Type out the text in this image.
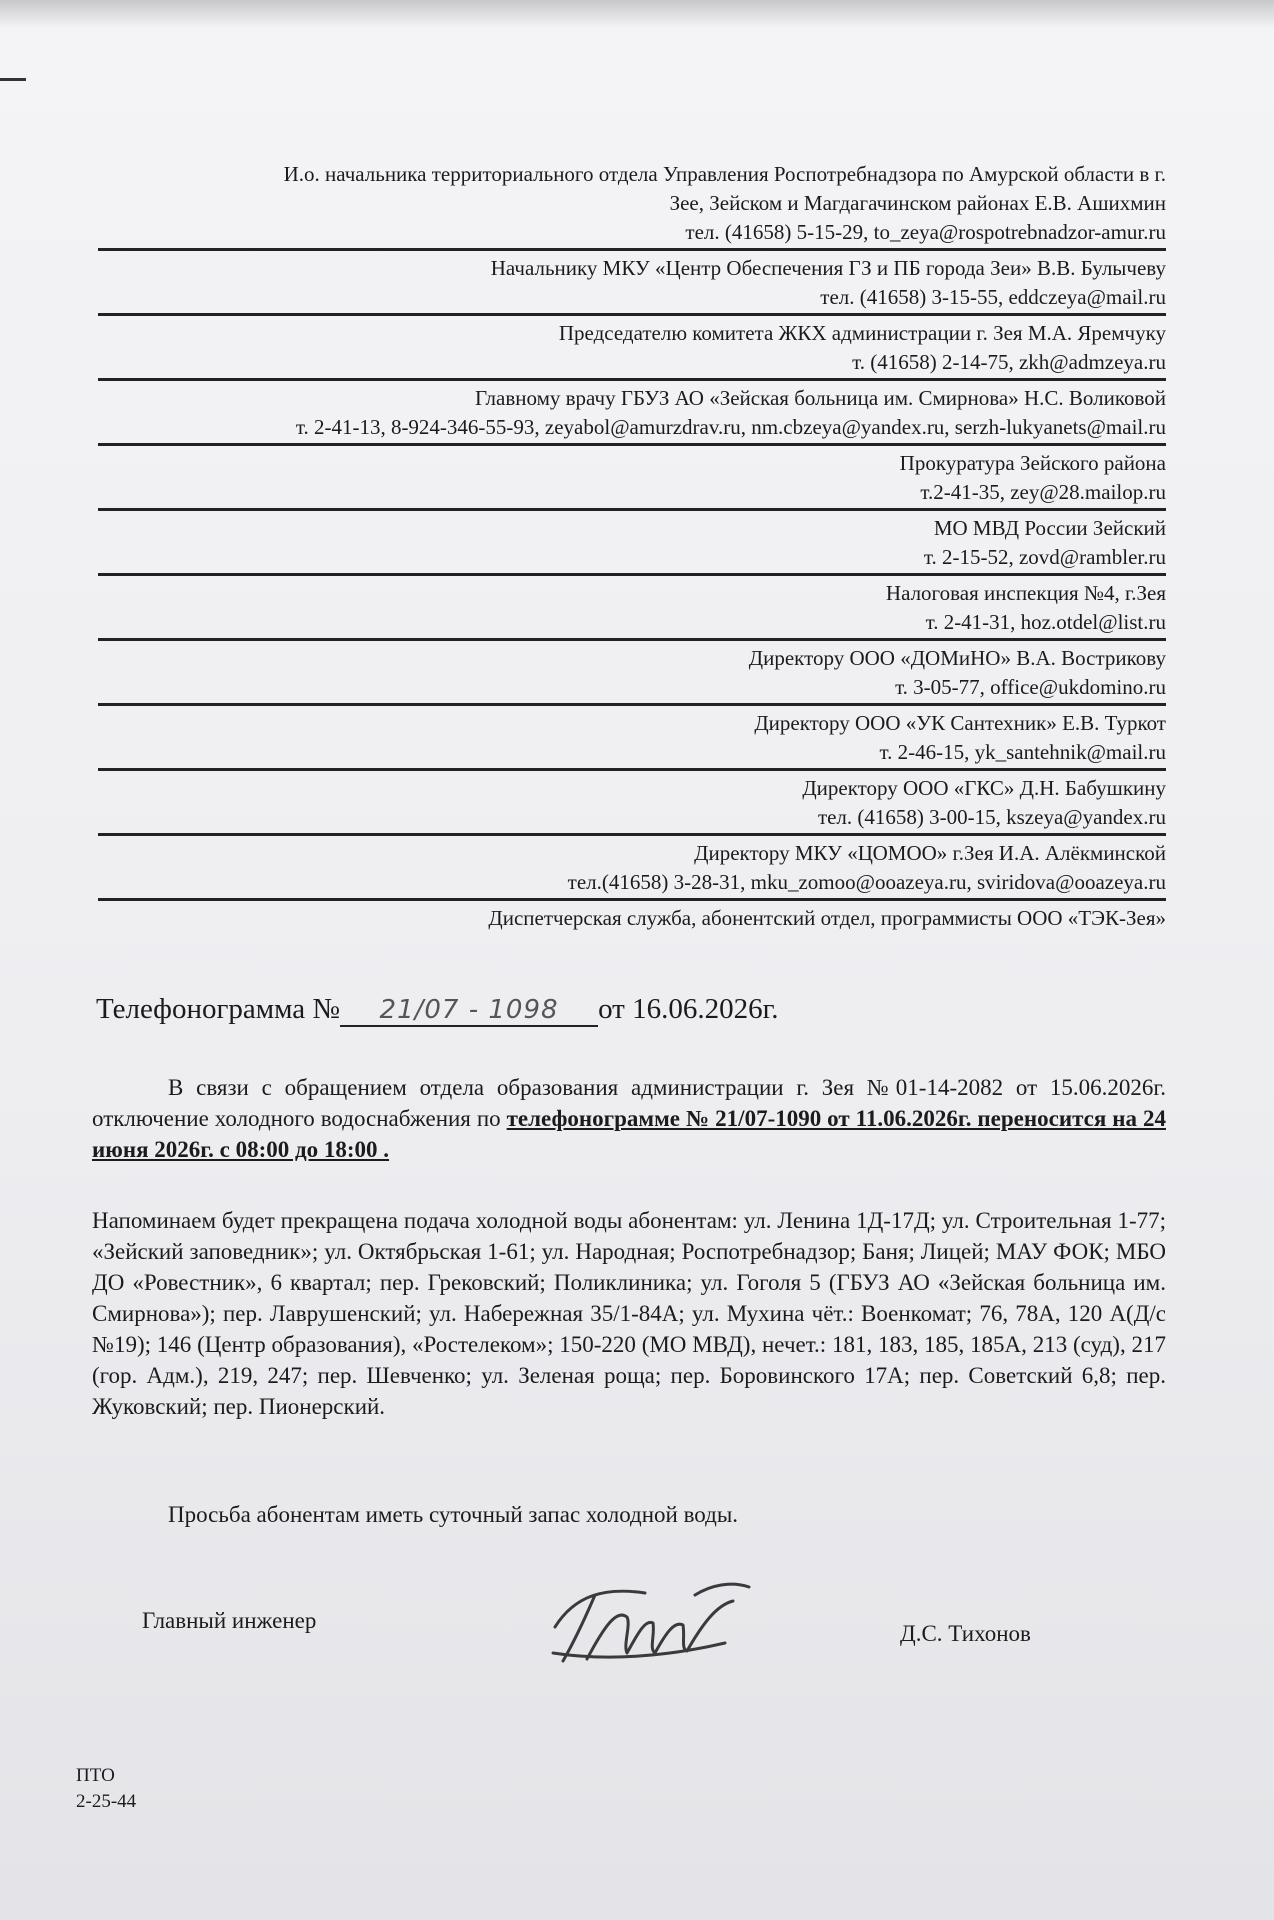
И.о. начальника территориального отдела Управления Роспотребнадзора по Амурской области в г.
Зее, Зейском и Магдагачинском районах Е.В. Ашихмин
тел. (41658) 5-15-29, to_zeya@rospotrebnadzor-amur.ru
Начальнику МКУ «Центр Обеспечения ГЗ и ПБ города Зеи» В.В. Булычеву
тел. (41658) 3-15-55, eddczeya@mail.ru
Председателю комитета ЖКХ администрации г. Зея М.А. Яремчуку
т. (41658) 2-14-75, zkh@admzeya.ru
Главному врачу ГБУЗ АО «Зейская больница им. Смирнова» Н.С. Воликовой
т. 2-41-13, 8-924-346-55-93, zeyabol@amurzdrav.ru, nm.cbzeya@yandex.ru, serzh-lukyanets@mail.ru
Прокуратура Зейского района
т.2-41-35, zey@28.mailop.ru
МО МВД России Зейский
т. 2-15-52, zovd@rambler.ru
Налоговая инспекция №4, г.Зея
т. 2-41-31, hoz.otdel@list.ru
Директору ООО «ДОМиНО» В.А. Вострикову
т. 3-05-77, office@ukdomino.ru
Директору ООО «УК Сантехник» Е.В. Туркот
т. 2-46-15, yk_santehnik@mail.ru
Директору ООО «ГКС» Д.Н. Бабушкину
тел. (41658) 3-00-15, kszeya@yandex.ru
Директору МКУ «ЦОМОО» г.Зея И.А. Алёкминской
тел.(41658) 3-28-31, mku_zomoo@ooazeya.ru, sviridova@ooazeya.ru
Диспетчерская служба, абонентский отдел, программисты ООО «ТЭК-Зея»
Телефонограмма № 21/07 - 1098 от 16.06.2026г.
В связи с обращением отдела образования администрации г. Зея №01-14-2082 от 15.06.2026г. отключение холодного водоснабжения по телефонограмме № 21/07-1090 от 11.06.2026г. переносится на 24 июня 2026г. с 08:00 до 18:00 .
Напоминаем будет прекращена подача холодной воды абонентам: ул. Ленина 1Д-17Д; ул. Строительная 1-77; «Зейский заповедник»; ул. Октябрьская 1-61; ул. Народная; Роспотребнадзор; Баня; Лицей; МАУ ФОК; МБО ДО «Ровестник», 6 квартал; пер. Грековский; Поликлиника; ул. Гоголя 5 (ГБУЗ АО «Зейская больница им. Смирнова»); пер. Лаврушенский; ул. Набережная 35/1-84А; ул. Мухина чёт.: Военкомат; 76, 78А, 120 А(Д/с №19); 146 (Центр образования), «Ростелеком»; 150-220 (МО МВД), нечет.: 181, 183, 185, 185А, 213 (суд), 217 (гор. Адм.), 219, 247; пер. Шевченко; ул. Зеленая роща; пер. Боровинского 17А; пер. Советский 6,8; пер. Жуковский; пер. Пионерский.
Просьба абонентам иметь суточный запас холодной воды.
Главный инженер
Д.С. Тихонов
ПТО
2-25-44
